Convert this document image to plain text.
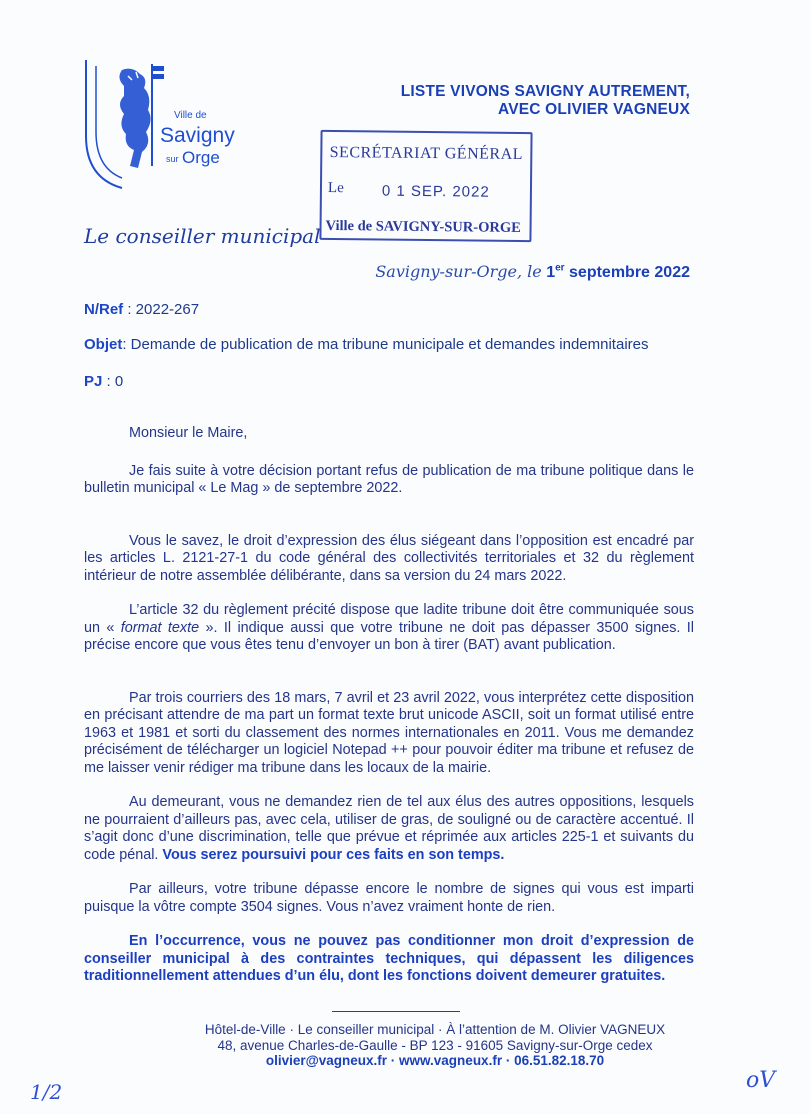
Ville de
Savigny
sur Orge
LISTE VIVONS SAVIGNY AUTREMENT,
AVEC OLIVIER VAGNEUX
SECRÉTARIAT GÉNÉRAL
Le	0 1 SEP. 2022
Ville de SAVIGNY-SUR-ORGE
Le conseiller municipal
Savigny-sur-Orge, le 1er septembre 2022
N/Ref : 2022-267
Objet: Demande de publication de ma tribune municipale et demandes indemnitaires
PJ : 0

Monsieur le Maire,

Je fais suite à votre décision portant refus de publication de ma tribune politique dans le bulletin municipal « Le Mag » de septembre 2022.

Vous le savez, le droit d’expression des élus siégeant dans l’opposition est encadré par les articles L. 2121-27-1 du code général des collectivités territoriales et 32 du règlement intérieur de notre assemblée délibérante, dans sa version du 24 mars 2022.

L’article 32 du règlement précité dispose que ladite tribune doit être communiquée sous un « format texte ». Il indique aussi que votre tribune ne doit pas dépasser 3500 signes. Il précise encore que vous êtes tenu d’envoyer un bon à tirer (BAT) avant publication.

Par trois courriers des 18 mars, 7 avril et 23 avril 2022, vous interprétez cette disposition en précisant attendre de ma part un format texte brut unicode ASCII, soit un format utilisé entre 1963 et 1981 et sorti du classement des normes internationales en 2011. Vous me demandez précisément de télécharger un logiciel Notepad ++ pour pouvoir éditer ma tribune et refusez de me laisser venir rédiger ma tribune dans les locaux de la mairie.

Au demeurant, vous ne demandez rien de tel aux élus des autres oppositions, lesquels ne pourraient d’ailleurs pas, avec cela, utiliser de gras, de souligné ou de caractère accentué. Il s’agit donc d’une discrimination, telle que prévue et réprimée aux articles 225-1 et suivants du code pénal. Vous serez poursuivi pour ces faits en son temps.

Par ailleurs, votre tribune dépasse encore le nombre de signes qui vous est imparti puisque la vôtre compte 3504 signes. Vous n’avez vraiment honte de rien.

En l’occurrence, vous ne pouvez pas conditionner mon droit d’expression de conseiller municipal à des contraintes techniques, qui dépassent les diligences traditionnellement attendues d’un élu, dont les fonctions doivent demeurer gratuites.

Hôtel-de-Ville · Le conseiller municipal · À l’attention de M. Olivier VAGNEUX
48, avenue Charles-de-Gaulle - BP 123 - 91605 Savigny-sur-Orge cedex
olivier@vagneux.fr · www.vagneux.fr · 06.51.82.18.70
1/2	oV
